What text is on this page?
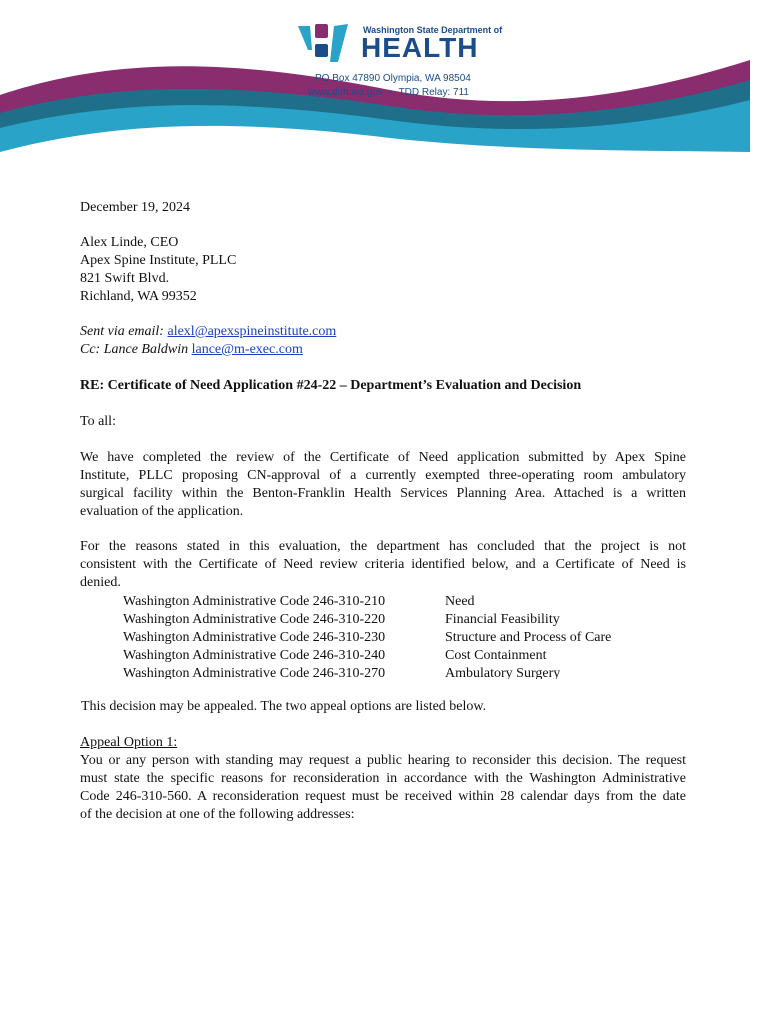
Washington State Department of
HEALTH
PO Box 47890 Olympia, WA 98504
www.doh.wa.gov • TDD Relay: 711
December 19, 2024
Alex Linde, CEO
Apex Spine Institute, PLLC
821 Swift Blvd.
Richland, WA 99352
Sent via email: alexl@apexspineinstitute.com
Cc: Lance Baldwin lance@m-exec.com
RE: Certificate of Need Application #24-22 – Department’s Evaluation and Decision
To all:
We have completed the review of the Certificate of Need application submitted by Apex Spine
Institute, PLLC proposing CN-approval of a currently exempted three-operating room ambulatory
surgical facility within the Benton-Franklin Health Services Planning Area. Attached is a written
evaluation of the application.
For the reasons stated in this evaluation, the department has concluded that the project is not
consistent with the Certificate of Need review criteria identified below, and a Certificate of Need is
denied.
Washington Administrative Code 246-310-210	Need
Washington Administrative Code 246-310-220	Financial Feasibility
Washington Administrative Code 246-310-230	Structure and Process of Care
Washington Administrative Code 246-310-240	Cost Containment
Washington Administrative Code 246-310-270	Ambulatory Surgery
This decision may be appealed. The two appeal options are listed below.
Appeal Option 1:
You or any person with standing may request a public hearing to reconsider this decision. The request
must state the specific reasons for reconsideration in accordance with the Washington Administrative
Code 246-310-560. A reconsideration request must be received within 28 calendar days from the date
of the decision at one of the following addresses:
